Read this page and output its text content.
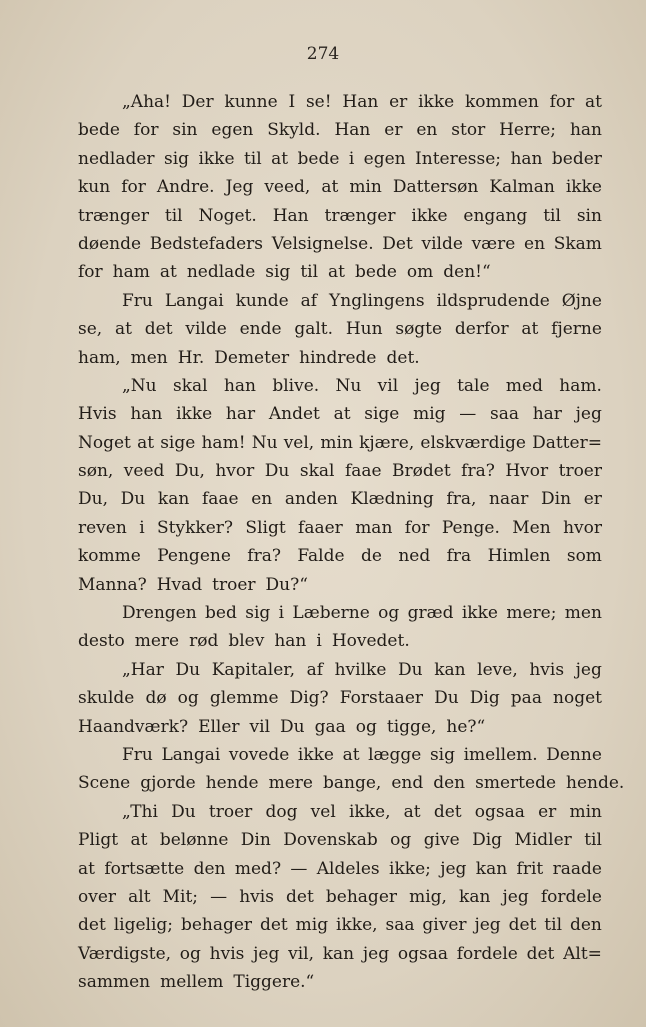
274
„Aha! Der kunne I se! Han er ikke kommen for at
bede for sin egen Skyld. Han er en stor Herre; han
nedlader sig ikke til at bede i egen Interesse; han beder
kun for Andre. Jeg veed, at min Dattersøn Kalman ikke
trænger til Noget. Han trænger ikke engang til sin
døende Bedstefaders Velsignelse. Det vilde være en Skam
for ham at nedlade sig til at bede om den!“
Fru Langai kunde af Ynglingens ildsprudende Øjne
se, at det vilde ende galt. Hun søgte derfor at fjerne
ham, men Hr. Demeter hindrede det.
„Nu skal han blive. Nu vil jeg tale med ham.
Hvis han ikke har Andet at sige mig — saa har jeg
Noget at sige ham! Nu vel, min kjære, elskværdige Datter=
søn, veed Du, hvor Du skal faae Brødet fra? Hvor troer
Du, Du kan faae en anden Klædning fra, naar Din er
reven i Stykker? Sligt faaer man for Penge. Men hvor
komme Pengene fra? Falde de ned fra Himlen som
Manna? Hvad troer Du?“
Drengen bed sig i Læberne og græd ikke mere; men
desto mere rød blev han i Hovedet.
„Har Du Kapitaler, af hvilke Du kan leve, hvis jeg
skulde dø og glemme Dig? Forstaaer Du Dig paa noget
Haandværk? Eller vil Du gaa og tigge, he?“
Fru Langai vovede ikke at lægge sig imellem. Denne
Scene gjorde hende mere bange, end den smertede hende.
„Thi Du troer dog vel ikke, at det ogsaa er min
Pligt at belønne Din Dovenskab og give Dig Midler til
at fortsætte den med? — Aldeles ikke; jeg kan frit raade
over alt Mit; — hvis det behager mig, kan jeg fordele
det ligelig; behager det mig ikke, saa giver jeg det til den
Værdigste, og hvis jeg vil, kan jeg ogsaa fordele det Alt=
sammen mellem Tiggere.“
